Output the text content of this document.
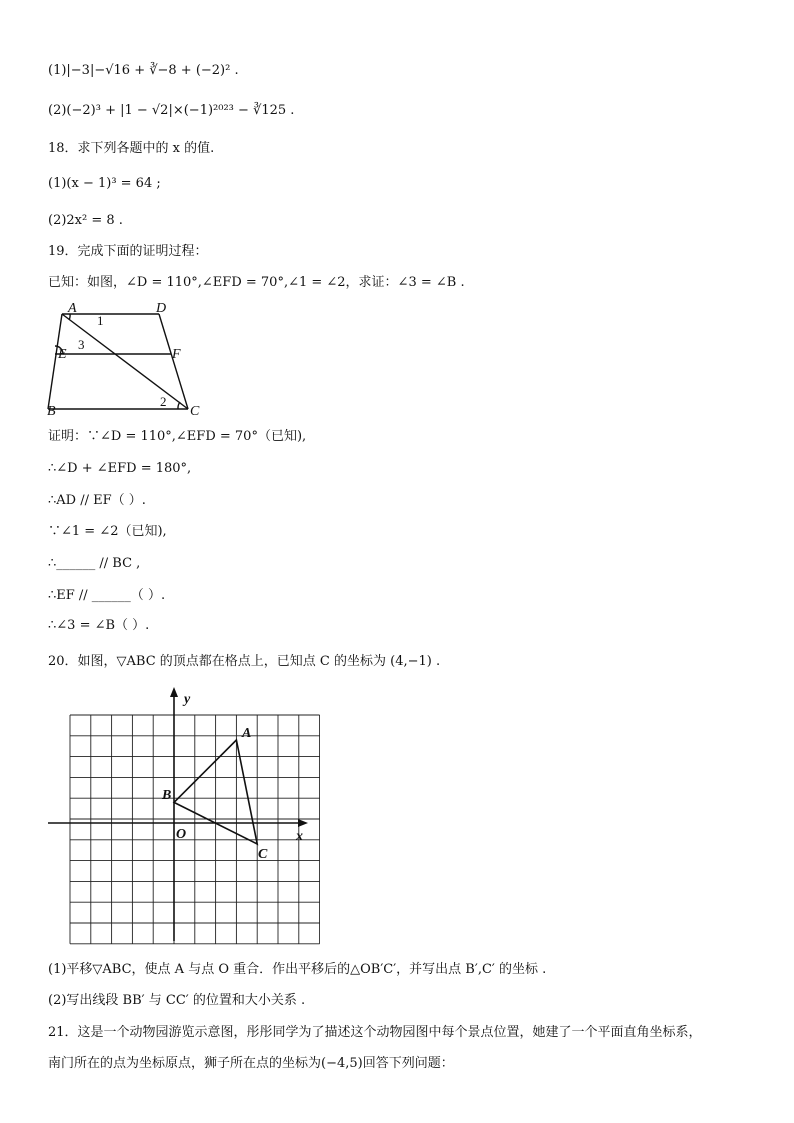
(1)|−3|−√16 + ∛−8 + (−2)² .
(2)(−2)³ + |1 − √2|×(−1)²⁰²³ − ∛125 .
18．求下列各题中的 x 的值.
(1)(x − 1)³ = 64 ;
(2)2x² = 8 .
19．完成下面的证明过程：
已知：如图，∠D = 110°,∠EFD = 70°,∠1 = ∠2，求证：∠3 = ∠B .
A	D
E	F
B	C
1
2
3
证明：∵∠D = 110°,∠EFD = 70°（已知),
∴∠D + ∠EFD = 180°,
∴AD // EF（ ）.
∵∠1 = ∠2（已知),
∴______ // BC ,
∴EF // ______（ ）.
∴∠3 = ∠B（ ）.
20．如图，▽ABC 的顶点都在格点上，已知点 C 的坐标为 (4,−1) .
y
x
O
A
B
C
(1)平移▽ABC，使点 A 与点 O 重合．作出平移后的△OB′C′，并写出点 B′,C′ 的坐标 .
(2)写出线段 BB′ 与 CC′ 的位置和大小关系 .
21．这是一个动物园游览示意图，彤彤同学为了描述这个动物园图中每个景点位置，她建了一个平面直角坐标系，
南门所在的点为坐标原点，狮子所在点的坐标为(−4,5)回答下列问题：
